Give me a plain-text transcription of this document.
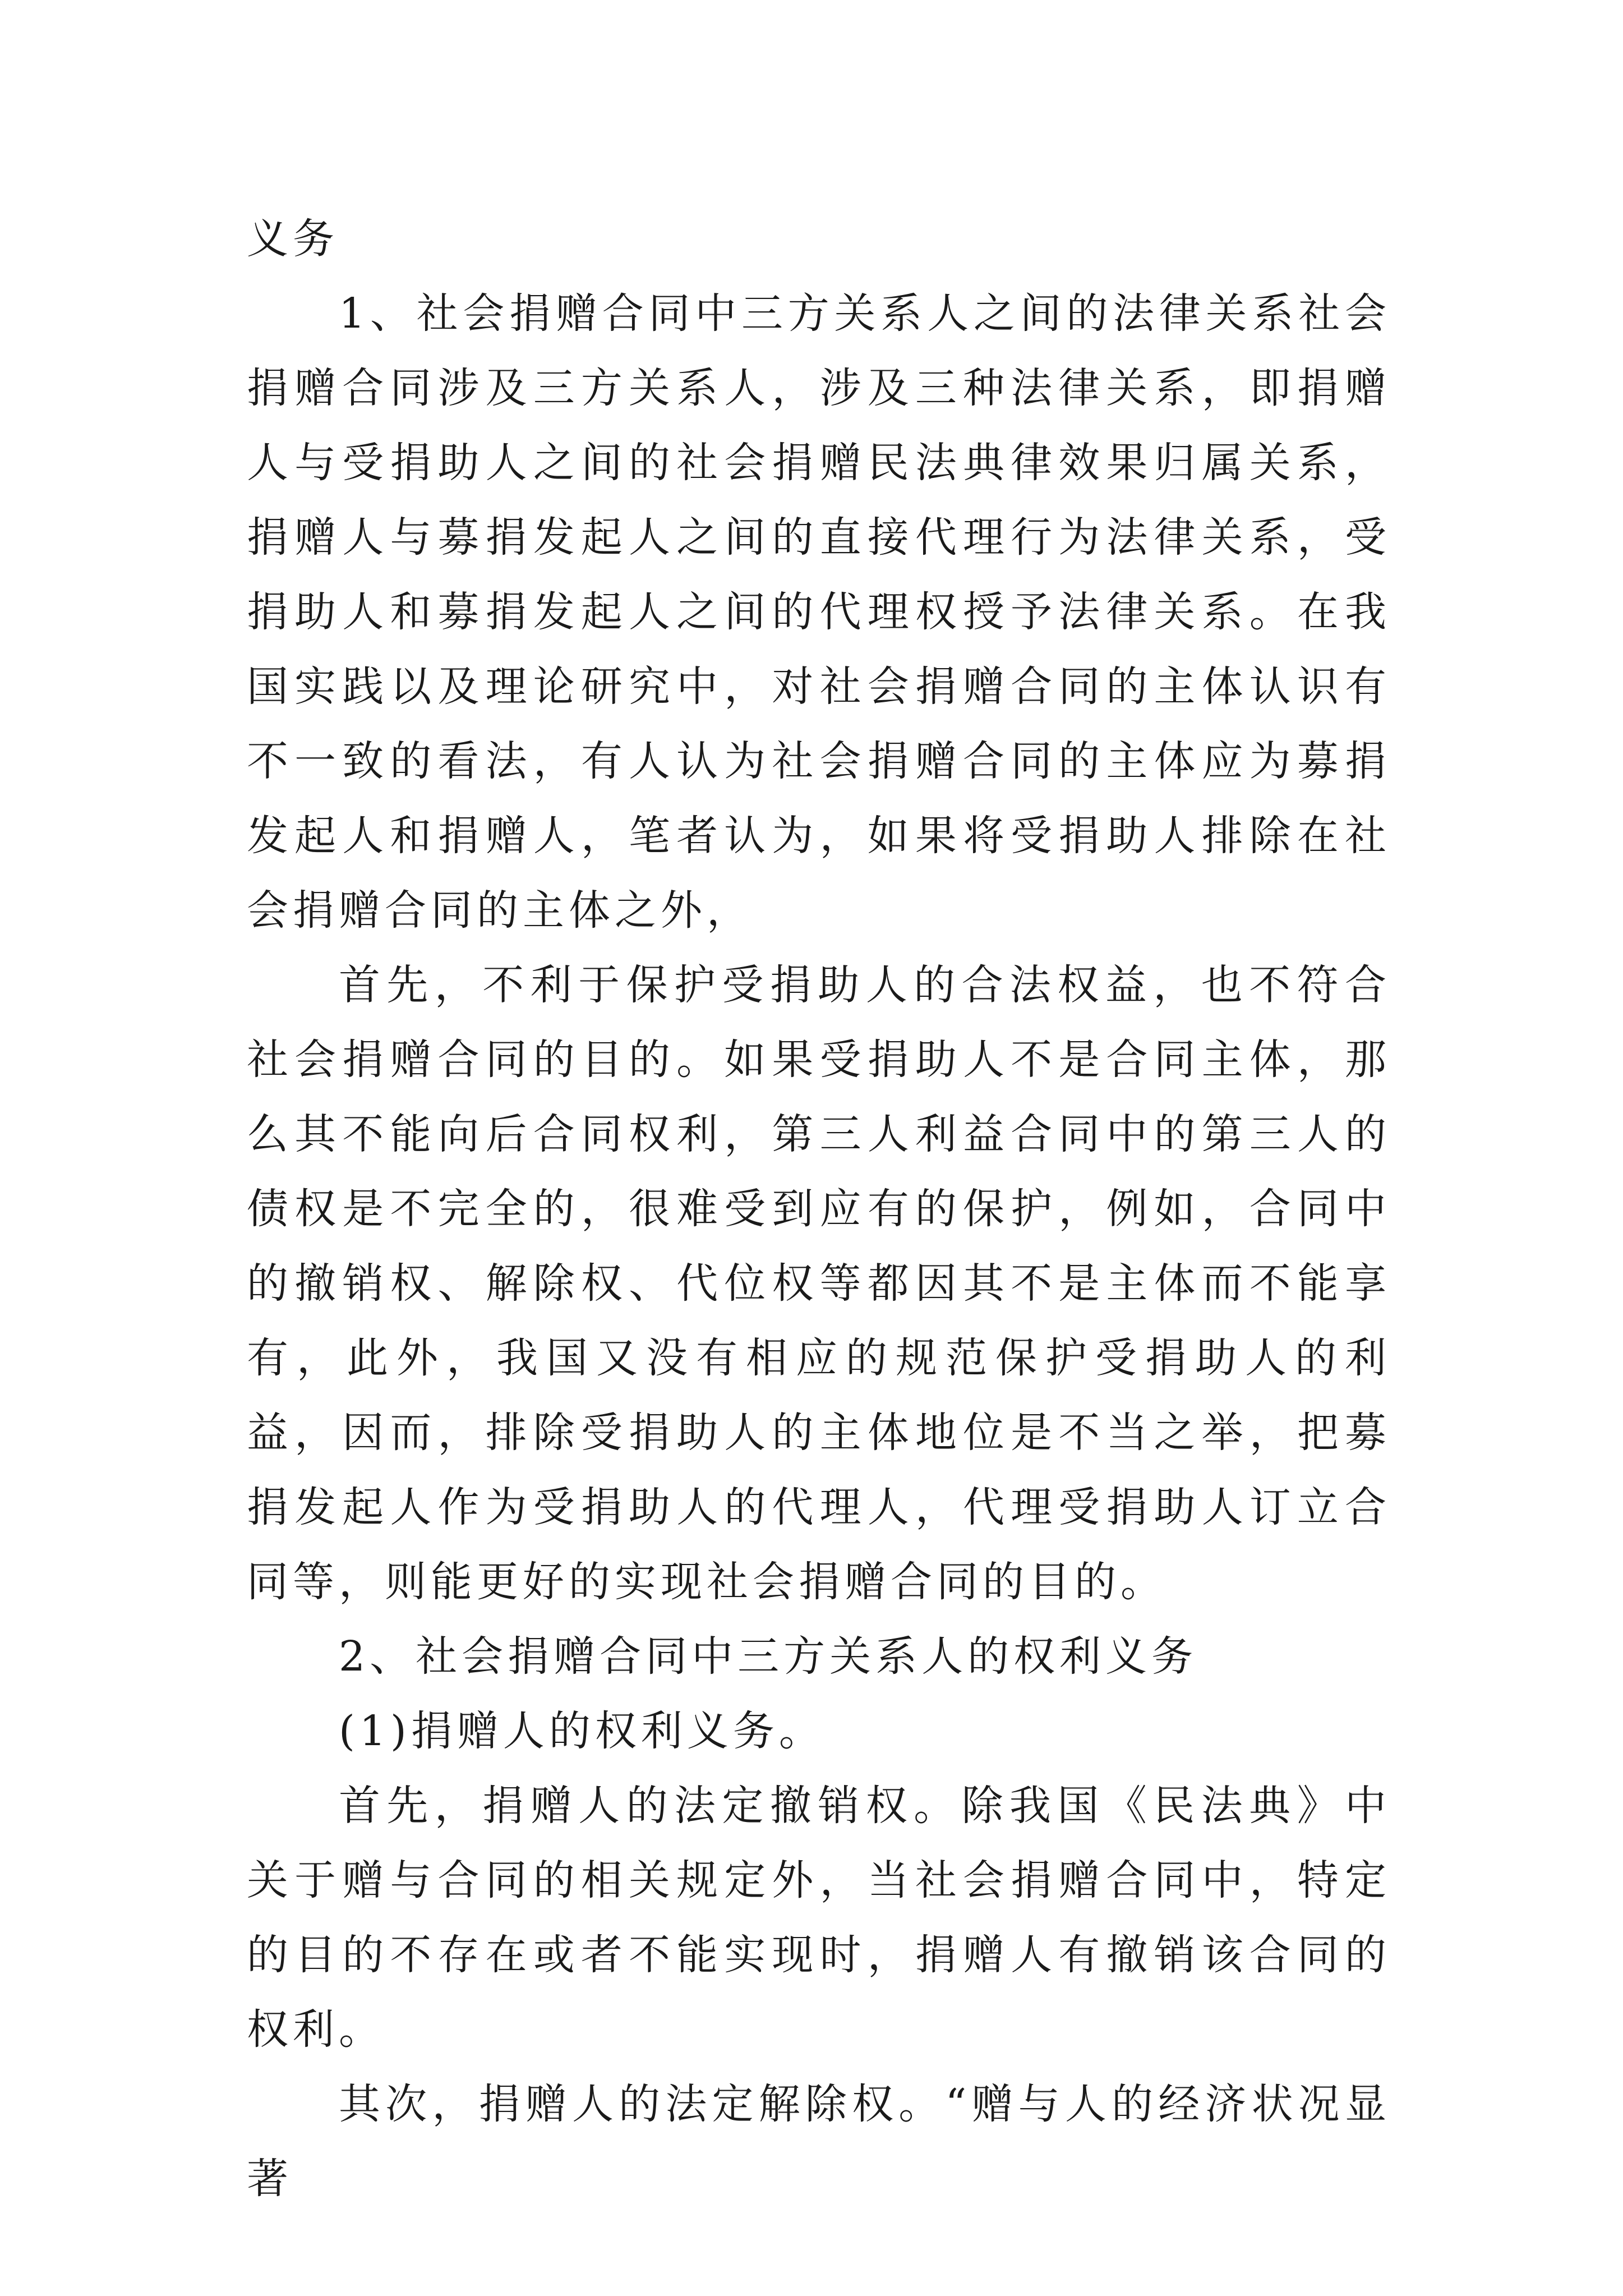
义务

1、社会捐赠合同中三方关系人之间的法律关系社会捐赠合同涉及三方关系人，涉及三种法律关系，即捐赠人与受捐助人之间的社会捐赠民法典律效果归属关系，捐赠人与募捐发起人之间的直接代理行为法律关系，受捐助人和募捐发起人之间的代理权授予法律关系。在我国实践以及理论研究中，对社会捐赠合同的主体认识有不一致的看法，有人认为社会捐赠合同的主体应为募捐发起人和捐赠人，笔者认为，如果将受捐助人排除在社会捐赠合同的主体之外，

首先，不利于保护受捐助人的合法权益，也不符合社会捐赠合同的目的。如果受捐助人不是合同主体，那么其不能向后合同权利，第三人利益合同中的第三人的债权是不完全的，很难受到应有的保护，例如，合同中的撤销权、解除权、代位权等都因其不是主体而不能享有，此外，我国又没有相应的规范保护受捐助人的利益，因而，排除受捐助人的主体地位是不当之举，把募捐发起人作为受捐助人的代理人，代理受捐助人订立合同等，则能更好的实现社会捐赠合同的目的。

2、社会捐赠合同中三方关系人的权利义务

(1)捐赠人的权利义务。

首先，捐赠人的法定撤销权。除我国《民法典》中关于赠与合同的相关规定外，当社会捐赠合同中，特定的目的不存在或者不能实现时，捐赠人有撤销该合同的权利。

其次，捐赠人的法定解除权。“赠与人的经济状况显著
